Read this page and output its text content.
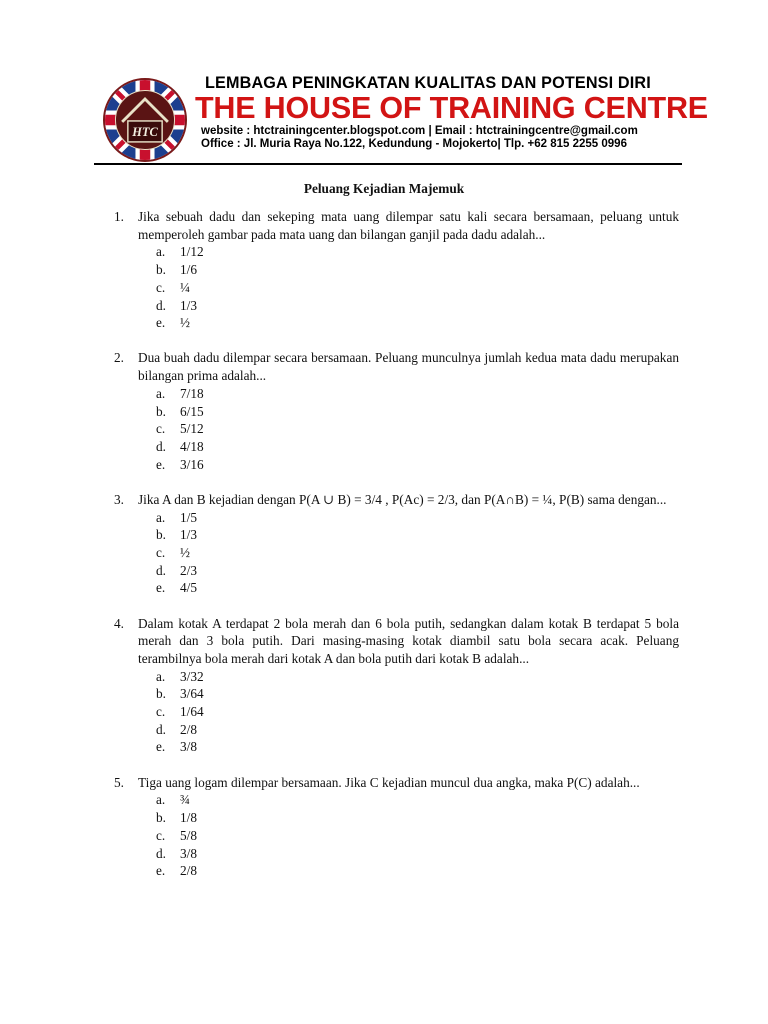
HTC
LEMBAGA PENINGKATAN KUALITAS DAN POTENSI DIRI
THE HOUSE OF TRAINING CENTRE
website : htctrainingcenter.blogspot.com | Email : htctrainingcentre@gmail.com
Office : Jl. Muria Raya No.122, Kedundung - Mojokerto| Tlp. +62 815 2255 0996
Peluang Kejadian Majemuk
1. Jika sebuah dadu dan sekeping mata uang dilempar satu kali secara bersamaan, peluang untuk memperoleh gambar pada mata uang dan bilangan ganjil pada dadu adalah...
a. 1/12
b. 1/6
c. ¼
d. 1/3
e. ½
2. Dua buah dadu dilempar secara bersamaan. Peluang munculnya jumlah kedua mata dadu merupakan bilangan prima adalah...
a. 7/18
b. 6/15
c. 5/12
d. 4/18
e. 3/16
3. Jika A dan B kejadian dengan P(A ∪ B) = 3/4 , P(Ac) = 2/3, dan P(A∩B) = ¼, P(B) sama dengan...
a. 1/5
b. 1/3
c. ½
d. 2/3
e. 4/5
4. Dalam kotak A terdapat 2 bola merah dan 6 bola putih, sedangkan dalam kotak B terdapat 5 bola merah dan 3 bola putih. Dari masing-masing kotak diambil satu bola secara acak. Peluang terambilnya bola merah dari kotak A dan bola putih dari kotak B adalah...
a. 3/32
b. 3/64
c. 1/64
d. 2/8
e. 3/8
5. Tiga uang logam dilempar bersamaan. Jika C kejadian muncul dua angka, maka P(C) adalah...
a. ¾
b. 1/8
c. 5/8
d. 3/8
e. 2/8
